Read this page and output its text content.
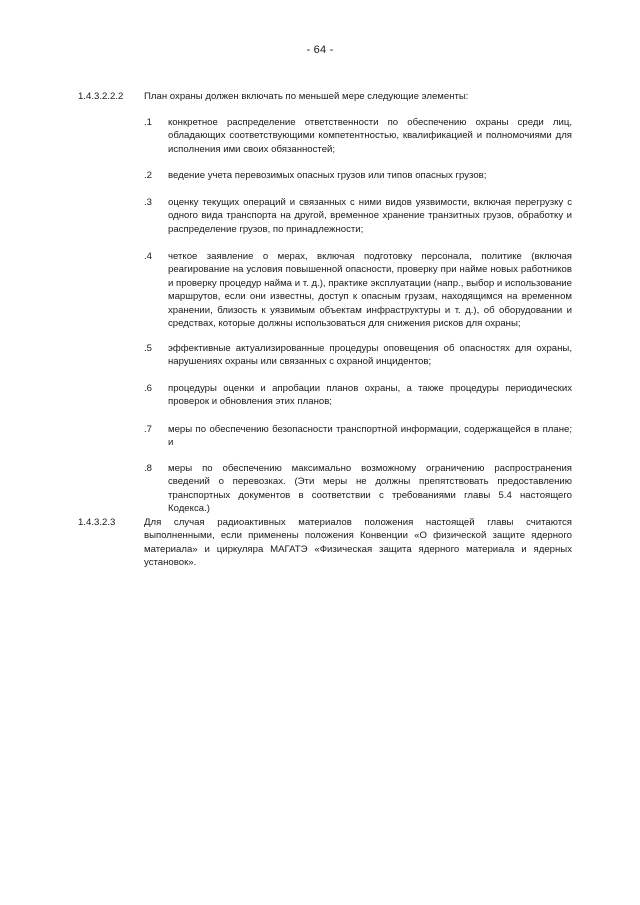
- 64 -
1.4.3.2.2.2	План охраны должен включать по меньшей мере следующие элементы:
.1	конкретное распределение ответственности по обеспечению охраны среди лиц, обладающих соответствующими компетентностью, квалификацией и полномочиями для исполнения ими своих обязанностей;
.2	ведение учета перевозимых опасных грузов или типов опасных грузов;
.3	оценку текущих операций и связанных с ними видов уязвимости, включая перегрузку с одного вида транспорта на другой, временное хранение транзитных грузов, обработку и распределение грузов, по принадлежности;
.4	четкое заявление о мерах, включая подготовку персонала, политике (включая реагирование на условия повышенной опасности, проверку при найме новых работников и проверку процедур найма и т. д.), практике эксплуатации (напр., выбор и использование маршрутов, если они известны, доступ к опасным грузам, находящимся на временном хранении, близость к уязвимым объектам инфраструктуры и т. д.), об оборудовании и средствах, которые должны использоваться для снижения рисков для охраны;
.5	эффективные актуализированные процедуры оповещения об опасностях для охраны, нарушениях охраны или связанных с охраной инцидентов;
.6	процедуры оценки и апробации планов охраны, а также процедуры периодических проверок и обновления этих планов;
.7	меры по обеспечению безопасности транспортной информации, содержащейся в плане; и
.8	меры по обеспечению максимально возможному ограничению распространения сведений о перевозках. (Эти меры не должны препятствовать предоставлению транспортных документов в соответствии с требованиями главы 5.4 настоящего Кодекса.)
1.4.3.2.3	Для случая радиоактивных материалов положения настоящей главы считаются выполненными, если применены положения Конвенции «О физической защите ядерного материала» и циркуляра МАГАТЭ «Физическая защита ядерного материала и ядерных установок».
